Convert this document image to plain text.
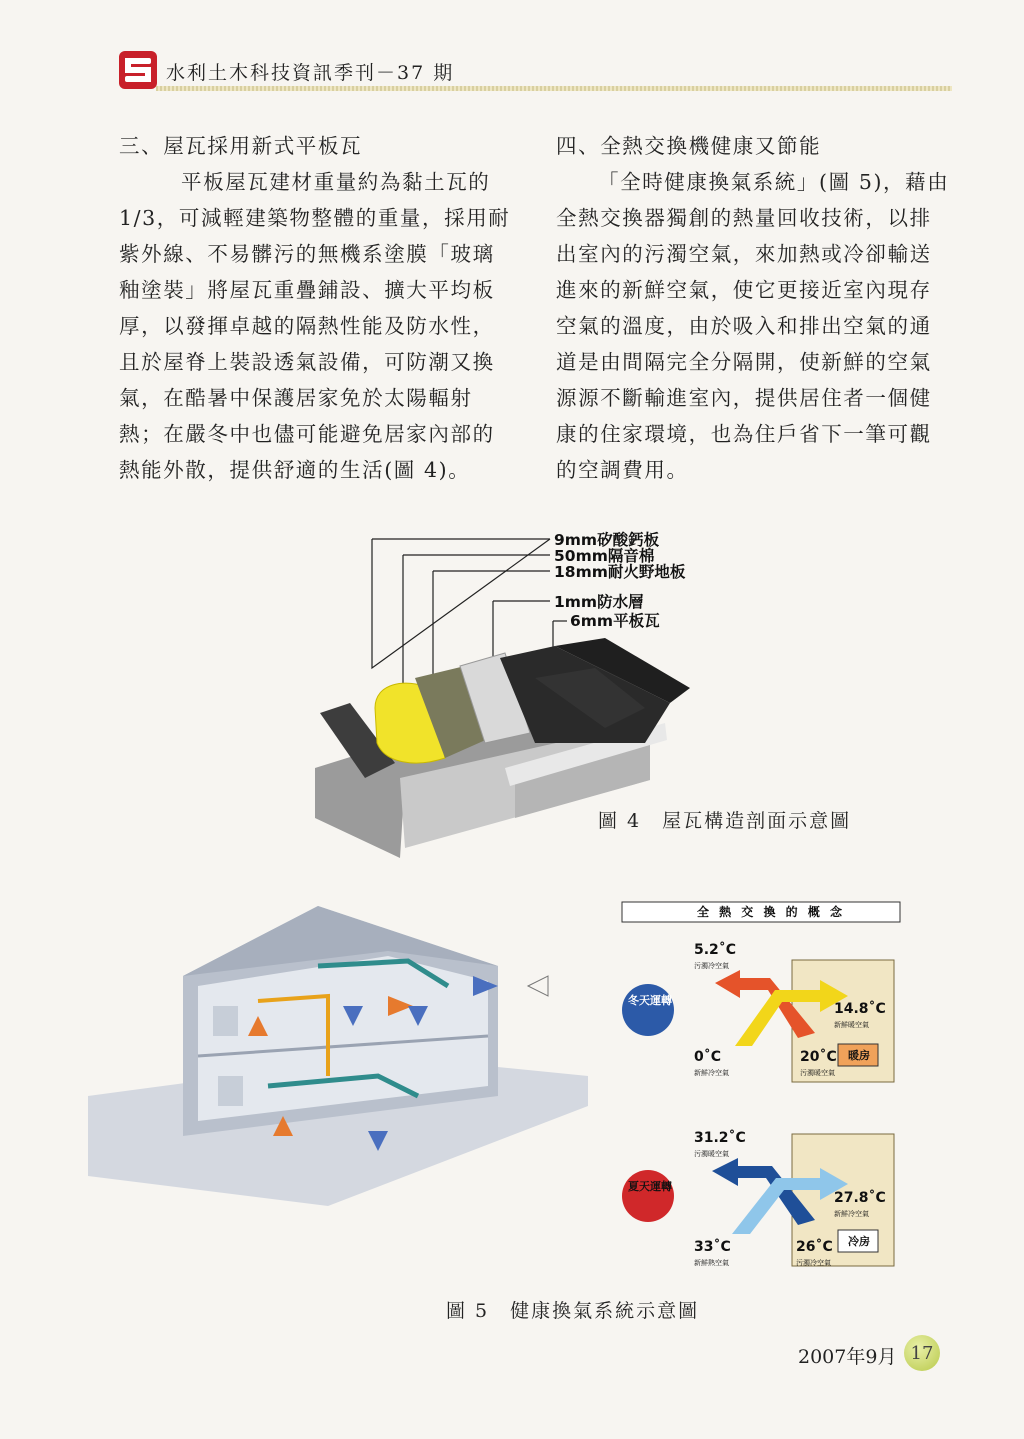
水利土木科技資訊季刊－37 期
三、屋瓦採用新式平板瓦

平板屋瓦建材重量約為黏土瓦的

1/3，可減輕建築物整體的重量，採用耐

紫外線、不易髒污的無機系塗膜「玻璃

釉塗裝」將屋瓦重疊鋪設、擴大平均板

厚，以發揮卓越的隔熱性能及防水性，

且於屋脊上裝設透氣設備，可防潮又換

氣，在酷暑中保護居家免於太陽輻射

熱；在嚴冬中也儘可能避免居家內部的

熱能外散，提供舒適的生活(圖 4)。

四、全熱交換機健康又節能

「全時健康換氣系統」(圖 5)，藉由

全熱交換器獨創的熱量回收技術，以排

出室內的污濁空氣，來加熱或冷卻輸送

進來的新鮮空氣，使它更接近室內現存

空氣的溫度，由於吸入和排出空氣的通

道是由間隔完全分隔開，使新鮮的空氣

源源不斷輸進室內，提供居住者一個健

康的住家環境，也為住戶省下一筆可觀

的空調費用。

9mm矽酸鈣板
50mm隔音棉
18mm耐火野地板
1mm防水層
6mm平板瓦
圖 4　屋瓦構造剖面示意圖
全 熱 交 換 的 概 念
冬天運轉
5.2˚C
污濁冷空氣
14.8˚C
新鮮暖空氣
0˚C
新鮮冷空氣
20˚C
污濁暖空氣
暖房
夏天運轉
31.2˚C
污濁暖空氣
27.8˚C
新鮮冷空氣
33˚C
新鮮熱空氣
26˚C
污濁冷空氣
冷房
圖 5　健康換氣系統示意圖
2007年9月 17
